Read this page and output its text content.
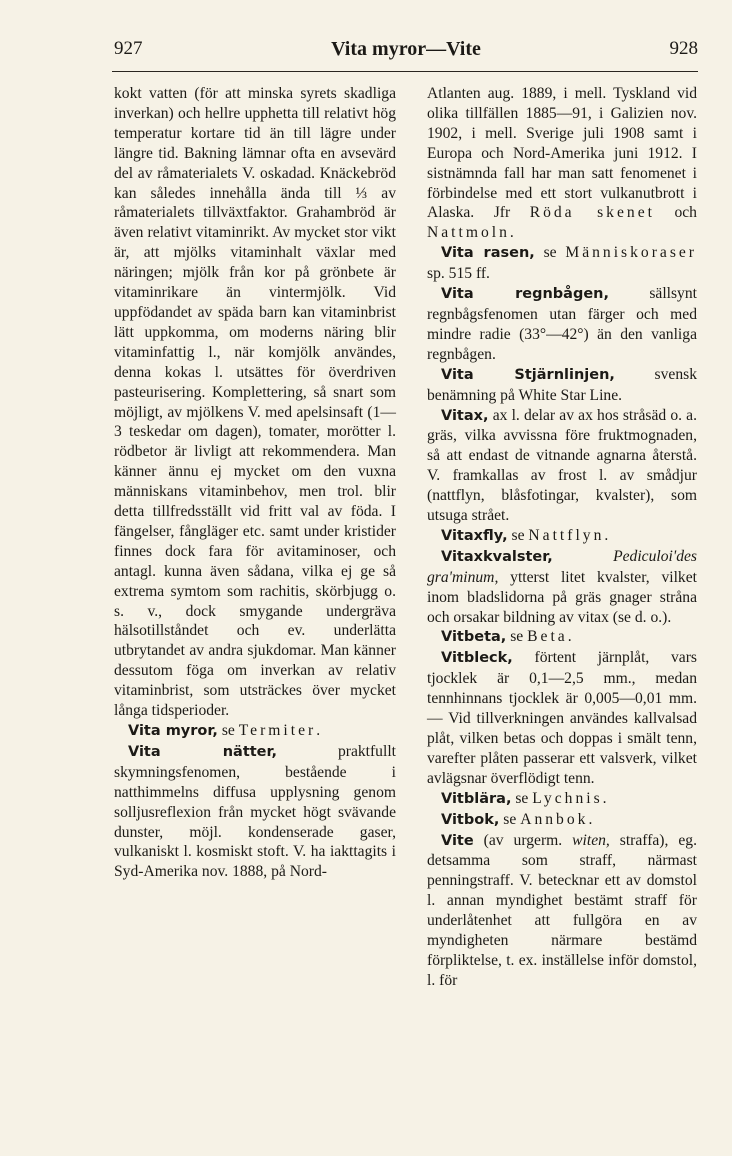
927	Vita myror—Vite	928

kokt vatten (för att minska syrets skadliga inverkan) och hellre upphetta till relativt hög temperatur kortare tid än till lägre under längre tid. Bakning lämnar ofta en avsevärd del av råmaterialets V. oskadad. Knäckebröd kan således innehålla ända till ⅓ av råmaterialets tillväxtfaktor. Grahambröd är även relativt vitaminrikt. Av mycket stor vikt är, att mjölks vitaminhalt växlar med näringen; mjölk från kor på grönbete är vitaminrikare än vintermjölk. Vid uppfödandet av späda barn kan vitaminbrist lätt uppkomma, om moderns näring blir vitaminfattig l., när komjölk användes, denna kokas l. utsättes för överdriven pasteurisering. Komplettering, så snart som möjligt, av mjölkens V. med apelsinsaft (1—3 teskedar om dagen), tomater, morötter l. rödbetor är livligt att rekommendera. Man känner ännu ej mycket om den vuxna människans vitaminbehov, men trol. blir detta tillfredsställt vid fritt val av föda. I fängelser, fångläger etc. samt under kristider finnes dock fara för avitaminoser, och antagl. kunna även sådana, vilka ej ge så extrema symtom som rachitis, skörbjugg o. s. v., dock smygande undergräva hälsotillståndet och ev. underlätta utbrytandet av andra sjukdomar. Man känner dessutom föga om inverkan av relativ vitaminbrist, som utsträckes över mycket långa tidsperioder.

Vita myror, se Termiter.

Vita nätter,	praktfullt skymningsfenomen, bestående i natthimmelns diffusa upplysning genom solljusreflexion från mycket högt svävande dunster, möjl. kondenserade gaser, vulkaniskt l. kosmiskt stoft. V. ha iakttagits i Syd-Amerika nov. 1888, på Nord-

Atlanten aug. 1889, i mell. Tyskland vid olika tillfällen 1885—91, i Galizien nov. 1902, i mell. Sverige juli 1908 samt i Europa och Nord-Amerika juni 1912. I sistnämnda fall har man satt fenomenet i förbindelse med ett stort vulkanutbrott i Alaska. Jfr Röda skenet och Nattmoln.

Vita rasen, se Människoraser sp. 515 ff.

Vita regnbågen,	sällsynt regnbågsfenomen utan färger och med mindre radie (33°—42°) än den vanliga regnbågen.

Vita Stjärnlinjen,	svensk benämning på White Star Line.

Vitax, ax l. delar av ax hos stråsäd o. a. gräs, vilka avvissna före fruktmognaden, så att endast de vitnande agnarna återstå. V. framkallas av frost l. av smådjur (nattflyn, blåsfotingar, kvalster), som utsuga strået.

Vitaxfly, se Nattflyn.

Vitaxkvalster,	Pediculoi'des gra'minum, ytterst litet kvalster, vilket inom bladslidorna på gräs gnager stråna och orsakar bildning av vitax (se d. o.).

Vitbeta, se Beta.

Vitbleck, förtent järnplåt, vars tjocklek är 0,1—2,5 mm., medan tennhinnans tjocklek är 0,005—0,01 mm. — Vid tillverkningen användes kallvalsad plåt, vilken betas och doppas i smält tenn, varefter plåten passerar ett valsverk, vilket avlägsnar överflödigt tenn.

Vitblära, se Lychnis.

Vitbok, se Annbok.

Vite (av urgerm. witen, straffa), eg. detsamma som straff, närmast penningstraff. V. betecknar ett av domstol l. annan myndighet bestämt straff för underlåtenhet att fullgöra en av myndigheten närmare bestämd förpliktelse, t. ex. inställelse inför domstol, l. för
